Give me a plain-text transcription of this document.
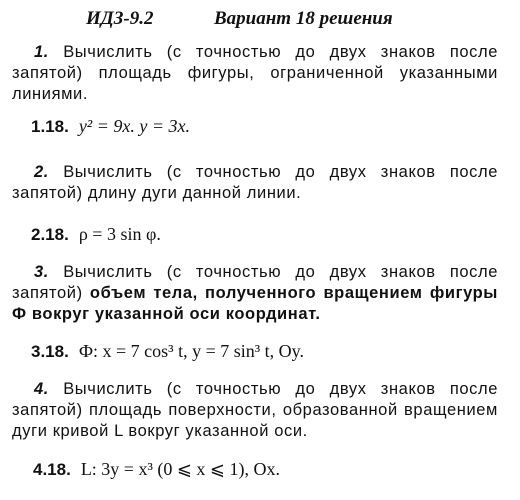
ИДЗ-9.2	Вариант 18 решения
1. Вычислить (с точностью до двух знаков после запятой) площадь фигуры, ограниченной указанными линиями.
1.18. y² = 9x. y = 3x.
2. Вычислить (с точностью до двух знаков после запятой) длину дуги данной линии.
2.18. ρ = 3 sin φ.
3. Вычислить (с точностью до двух знаков после запятой) объем тела, полученного вращением фигуры Ф вокруг указанной оси координат.
3.18. Ф: x = 7 cos³ t, y = 7 sin³ t, Oy.
4. Вычислить (с точностью до двух знаков после запятой) площадь поверхности, образованной вращением дуги кривой L вокруг указанной оси.
4.18. L: 3y = x³ (0 ⩽ x ⩽ 1), Ox.
